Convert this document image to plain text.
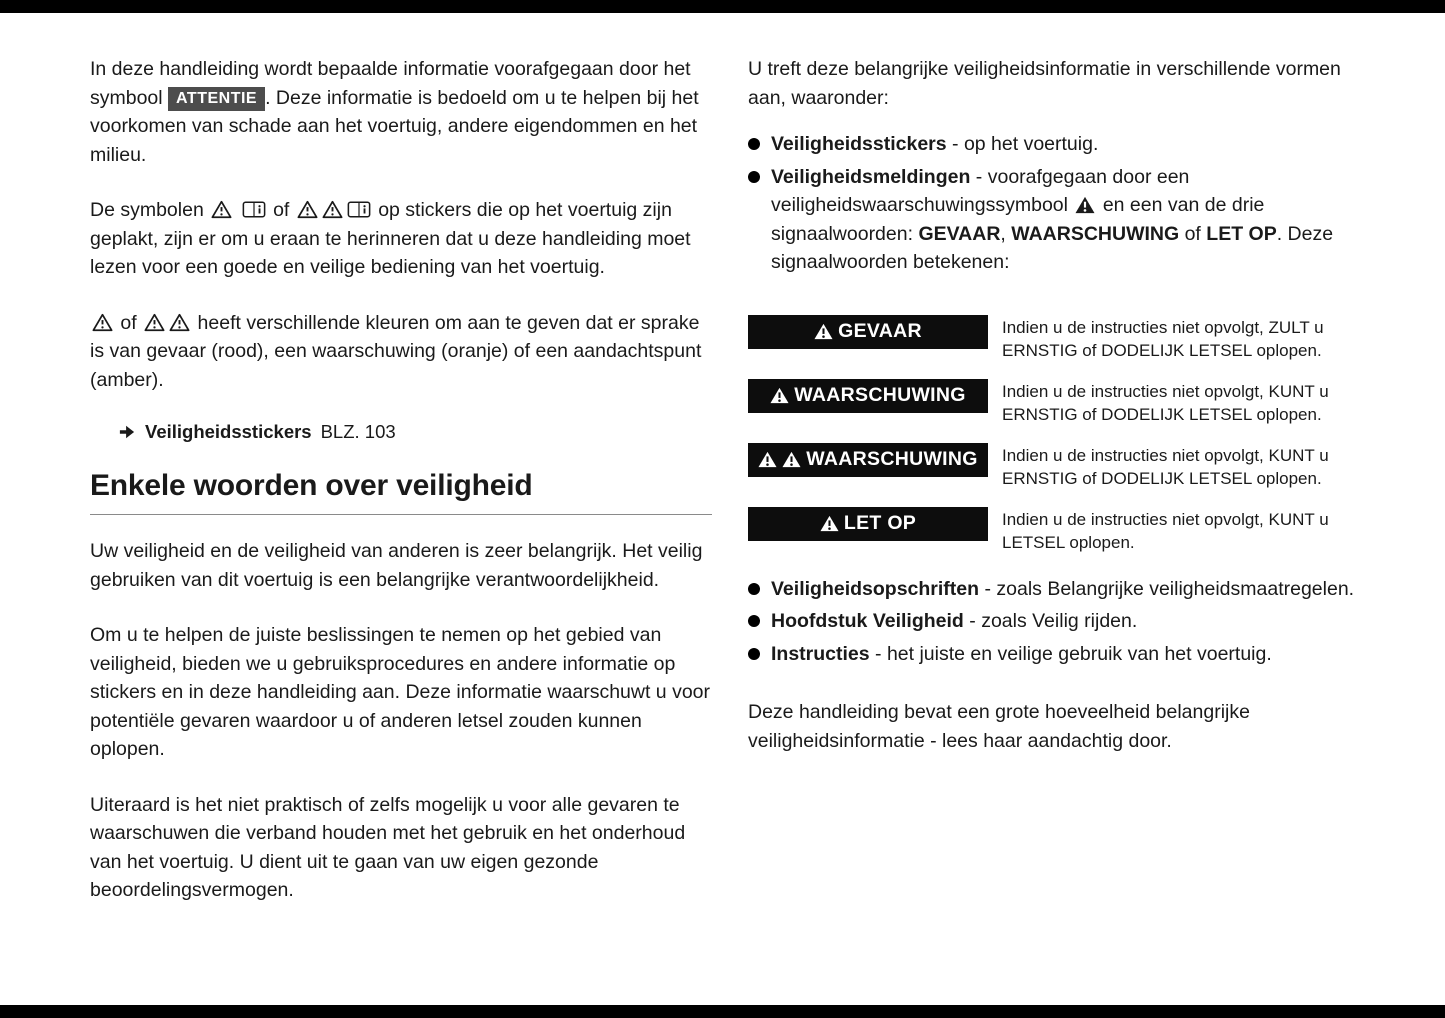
In deze handleiding wordt bepaalde informatie voorafgegaan door het symbool ATTENTIE . Deze informatie is bedoeld om u te helpen bij het voorkomen van schade aan het voertuig, andere eigendommen en het milieu.

De symbolen	of	op stickers die op het voertuig zijn geplakt, zijn er om u eraan te herinneren dat u deze handleiding moet lezen voor een goede en veilige bediening van het voertuig.

of	heeft verschillende kleuren om aan te geven dat er sprake is van gevaar (rood), een waarschuwing (oranje) of een aandachtspunt (amber).

Veiligheidsstickers BLZ. 103
Enkele woorden over veiligheid

Uw veiligheid en de veiligheid van anderen is zeer belangrijk. Het veilig gebruiken van dit voertuig is een belangrijke verantwoordelijkheid.

Om u te helpen de juiste beslissingen te nemen op het gebied van veiligheid, bieden we u gebruiksprocedures en andere informatie op stickers en in deze handleiding aan. Deze informatie waarschuwt u voor potentiële gevaren waardoor u of anderen letsel zouden kunnen oplopen.

Uiteraard is het niet praktisch of zelfs mogelijk u voor alle gevaren te waarschuwen die verband houden met het gebruik en het onderhoud van het voertuig. U dient uit te gaan van uw eigen gezonde beoordelingsvermogen.

U treft deze belangrijke veiligheidsinformatie in verschillende vormen aan, waaronder:

Veiligheidsstickers - op het voertuig.
Veiligheidsmeldingen - voorafgegaan door een veiligheidswaarschuwingssymbool en een van de drie signaalwoorden: GEVAAR, WAARSCHUWING of LET OP. Deze signaalwoorden betekenen:
GEVAAR	Indien u de instructies niet opvolgt, ZULT u ERNSTIG of DODELIJK LETSEL oplopen.

WAARSCHUWING Indien u de instructies niet opvolgt, KUNT u ERNSTIG of DODELIJK LETSEL oplopen.

WAARSCHUWING Indien u de instructies niet opvolgt, KUNT u ERNSTIG of DODELIJK LETSEL oplopen.

LET OP	Indien u de instructies niet opvolgt, KUNT u LETSEL oplopen.

Veiligheidsopschriften - zoals Belangrijke veiligheidsmaatregelen.
Hoofdstuk Veiligheid - zoals Veilig rijden.
Instructies - het juiste en veilige gebruik van het voertuig.

Deze handleiding bevat een grote hoeveelheid belangrijke veiligheidsinformatie - lees haar aandachtig door.
